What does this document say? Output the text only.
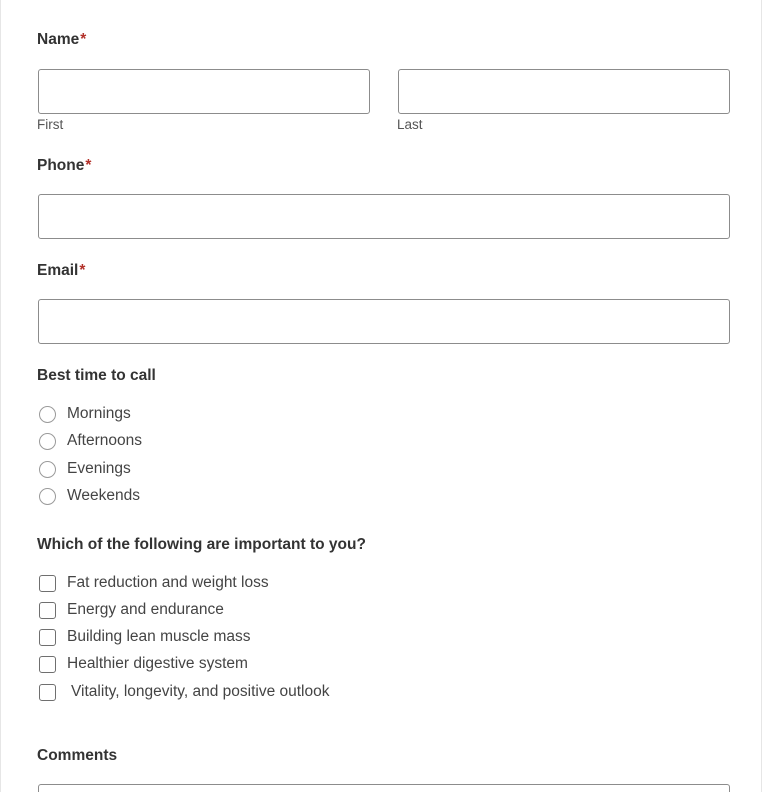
Name*
First	Last
Phone*
Email*
Best time to call
Mornings
Afternoons
Evenings
Weekends
Which of the following are important to you?
Fat reduction and weight loss
Energy and endurance
Building lean muscle mass
Healthier digestive system
Vitality, longevity, and positive outlook
Comments
